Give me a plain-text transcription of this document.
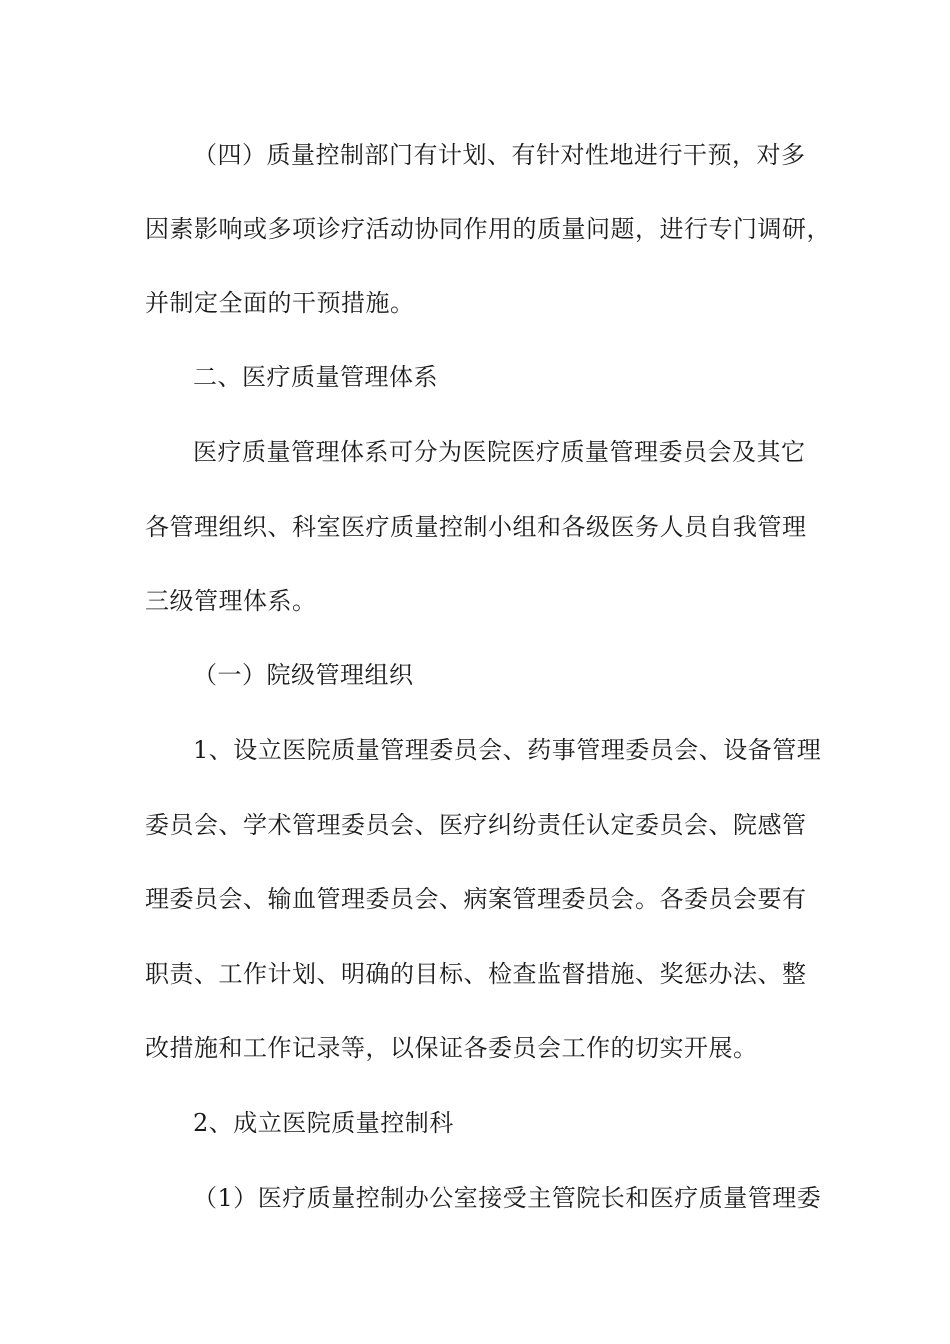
（四）质量控制部门有计划、有针对性地进行干预，对多
因素影响或多项诊疗活动协同作用的质量问题，进行专门调研，
并制定全面的干预措施。
二、医疗质量管理体系
医疗质量管理体系可分为医院医疗质量管理委员会及其它
各管理组织、科室医疗质量控制小组和各级医务人员自我管理
三级管理体系。
（一）院级管理组织
1、设立医院质量管理委员会、药事管理委员会、设备管理
委员会、学术管理委员会、医疗纠纷责任认定委员会、院感管
理委员会、输血管理委员会、病案管理委员会。各委员会要有
职责、工作计划、明确的目标、检查监督措施、奖惩办法、整
改措施和工作记录等，以保证各委员会工作的切实开展。
2、成立医院质量控制科
（1）医疗质量控制办公室接受主管院长和医疗质量管理委
